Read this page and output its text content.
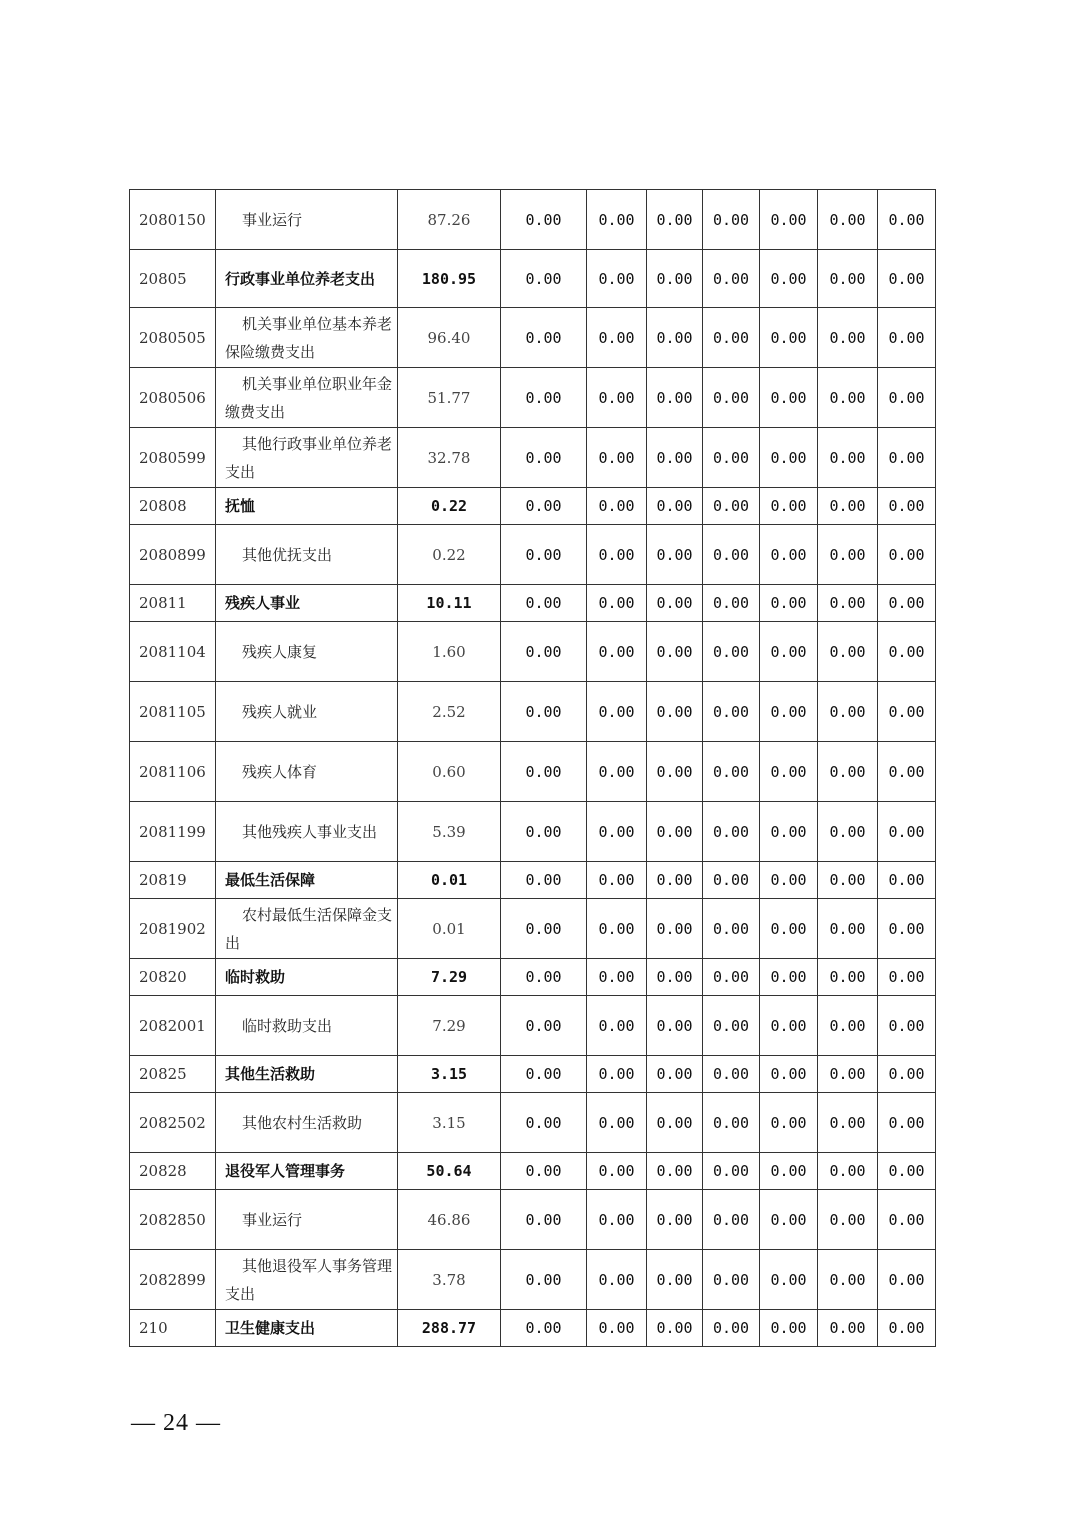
2080150	事业运行	87.26	0.00	0.00	0.00	0.00	0.00	0.00	0.00
20805	行政事业单位养老支出	180.95	0.00	0.00	0.00	0.00	0.00	0.00	0.00
2080505	机关事业单位基本养老保险缴费支出	96.40	0.00	0.00	0.00	0.00	0.00	0.00	0.00
2080506	机关事业单位职业年金缴费支出	51.77	0.00	0.00	0.00	0.00	0.00	0.00	0.00
2080599	其他行政事业单位养老支出	32.78	0.00	0.00	0.00	0.00	0.00	0.00	0.00
20808	抚恤	0.22	0.00	0.00	0.00	0.00	0.00	0.00	0.00
2080899	其他优抚支出	0.22	0.00	0.00	0.00	0.00	0.00	0.00	0.00
20811	残疾人事业	10.11	0.00	0.00	0.00	0.00	0.00	0.00	0.00
2081104	残疾人康复	1.60	0.00	0.00	0.00	0.00	0.00	0.00	0.00
2081105	残疾人就业	2.52	0.00	0.00	0.00	0.00	0.00	0.00	0.00
2081106	残疾人体育	0.60	0.00	0.00	0.00	0.00	0.00	0.00	0.00
2081199	其他残疾人事业支出	5.39	0.00	0.00	0.00	0.00	0.00	0.00	0.00
20819	最低生活保障	0.01	0.00	0.00	0.00	0.00	0.00	0.00	0.00
2081902	农村最低生活保障金支出	0.01	0.00	0.00	0.00	0.00	0.00	0.00	0.00
20820	临时救助	7.29	0.00	0.00	0.00	0.00	0.00	0.00	0.00
2082001	临时救助支出	7.29	0.00	0.00	0.00	0.00	0.00	0.00	0.00
20825	其他生活救助	3.15	0.00	0.00	0.00	0.00	0.00	0.00	0.00
2082502	其他农村生活救助	3.15	0.00	0.00	0.00	0.00	0.00	0.00	0.00
20828	退役军人管理事务	50.64	0.00	0.00	0.00	0.00	0.00	0.00	0.00
2082850	事业运行	46.86	0.00	0.00	0.00	0.00	0.00	0.00	0.00
2082899	其他退役军人事务管理支出	3.78	0.00	0.00	0.00	0.00	0.00	0.00	0.00
210	卫生健康支出	288.77	0.00	0.00	0.00	0.00	0.00	0.00	0.00
— 24 —
